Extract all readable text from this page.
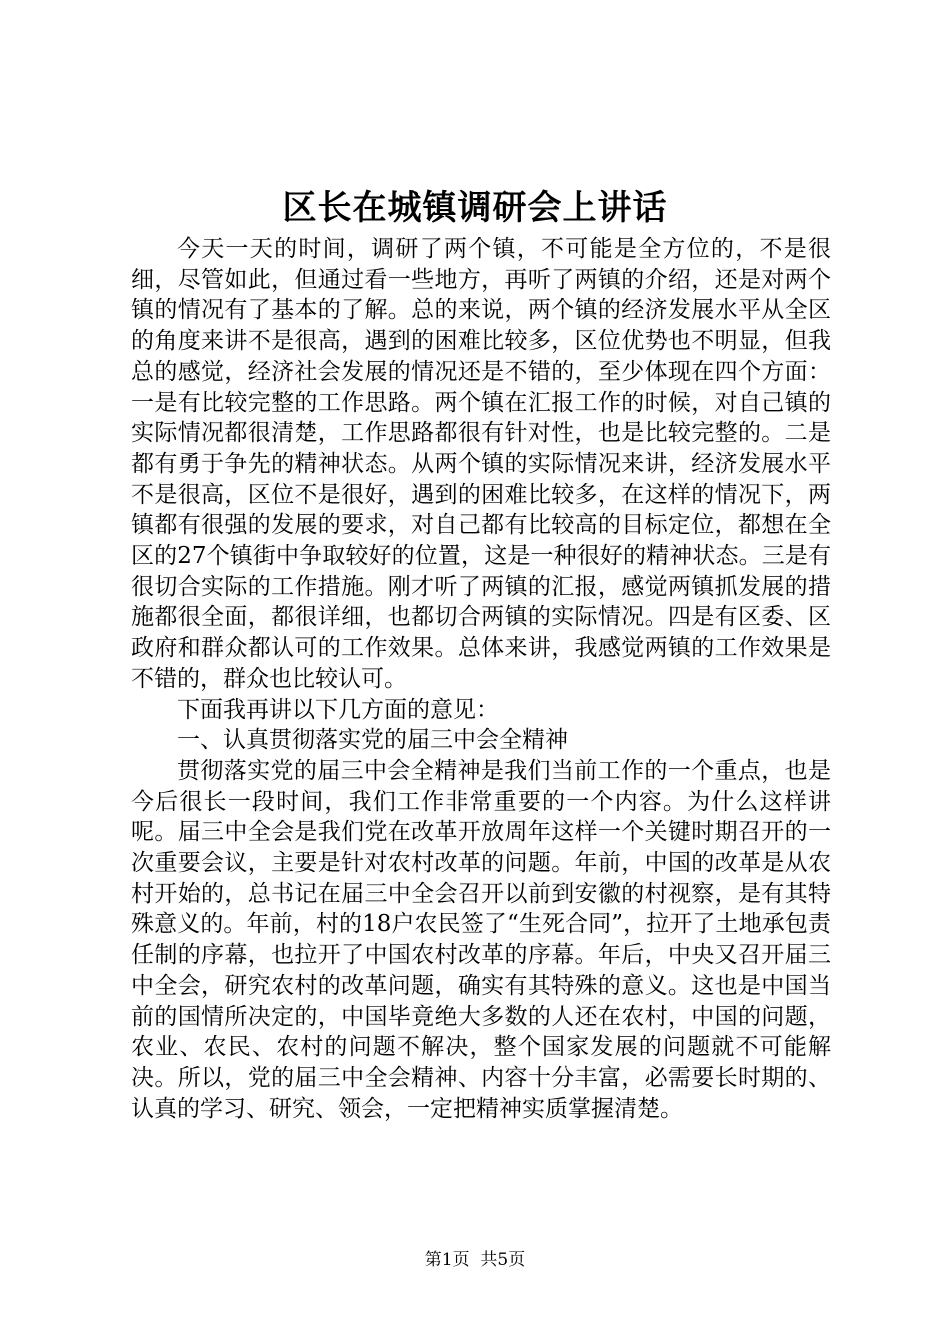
区长在城镇调研会上讲话

今天一天的时间，调研了两个镇，不可能是全方位的，不是很细，尽管如此，但通过看一些地方，再听了两镇的介绍，还是对两个镇的情况有了基本的了解。总的来说，两个镇的经济发展水平从全区的角度来讲不是很高，遇到的困难比较多，区位优势也不明显，但我总的感觉，经济社会发展的情况还是不错的，至少体现在四个方面：一是有比较完整的工作思路。两个镇在汇报工作的时候，对自己镇的实际情况都很清楚，工作思路都很有针对性，也是比较完整的。二是都有勇于争先的精神状态。从两个镇的实际情况来讲，经济发展水平不是很高，区位不是很好，遇到的困难比较多，在这样的情况下，两镇都有很强的发展的要求，对自己都有比较高的目标定位，都想在全区的27个镇街中争取较好的位置，这是一种很好的精神状态。三是有很切合实际的工作措施。刚才听了两镇的汇报，感觉两镇抓发展的措施都很全面，都很详细，也都切合两镇的实际情况。四是有区委、区政府和群众都认可的工作效果。总体来讲，我感觉两镇的工作效果是不错的，群众也比较认可。

下面我再讲以下几方面的意见：

一、认真贯彻落实党的届三中会全精神

贯彻落实党的届三中会全精神是我们当前工作的一个重点，也是今后很长一段时间，我们工作非常重要的一个内容。为什么这样讲呢。届三中全会是我们党在改革开放周年这样一个关键时期召开的一次重要会议，主要是针对农村改革的问题。年前，中国的改革是从农村开始的，总书记在届三中全会召开以前到安徽的村视察，是有其特殊意义的。年前，村的18户农民签了“生死合同”，拉开了土地承包责任制的序幕，也拉开了中国农村改革的序幕。年后，中央又召开届三中全会，研究农村的改革问题，确实有其特殊的意义。这也是中国当前的国情所决定的，中国毕竟绝大多数的人还在农村，中国的问题，农业、农民、农村的问题不解决，整个国家发展的问题就不可能解决。所以，党的届三中全会精神、内容十分丰富，必需要长时期的、认真的学习、研究、领会，一定把精神实质掌握清楚。

第1页 共5页
